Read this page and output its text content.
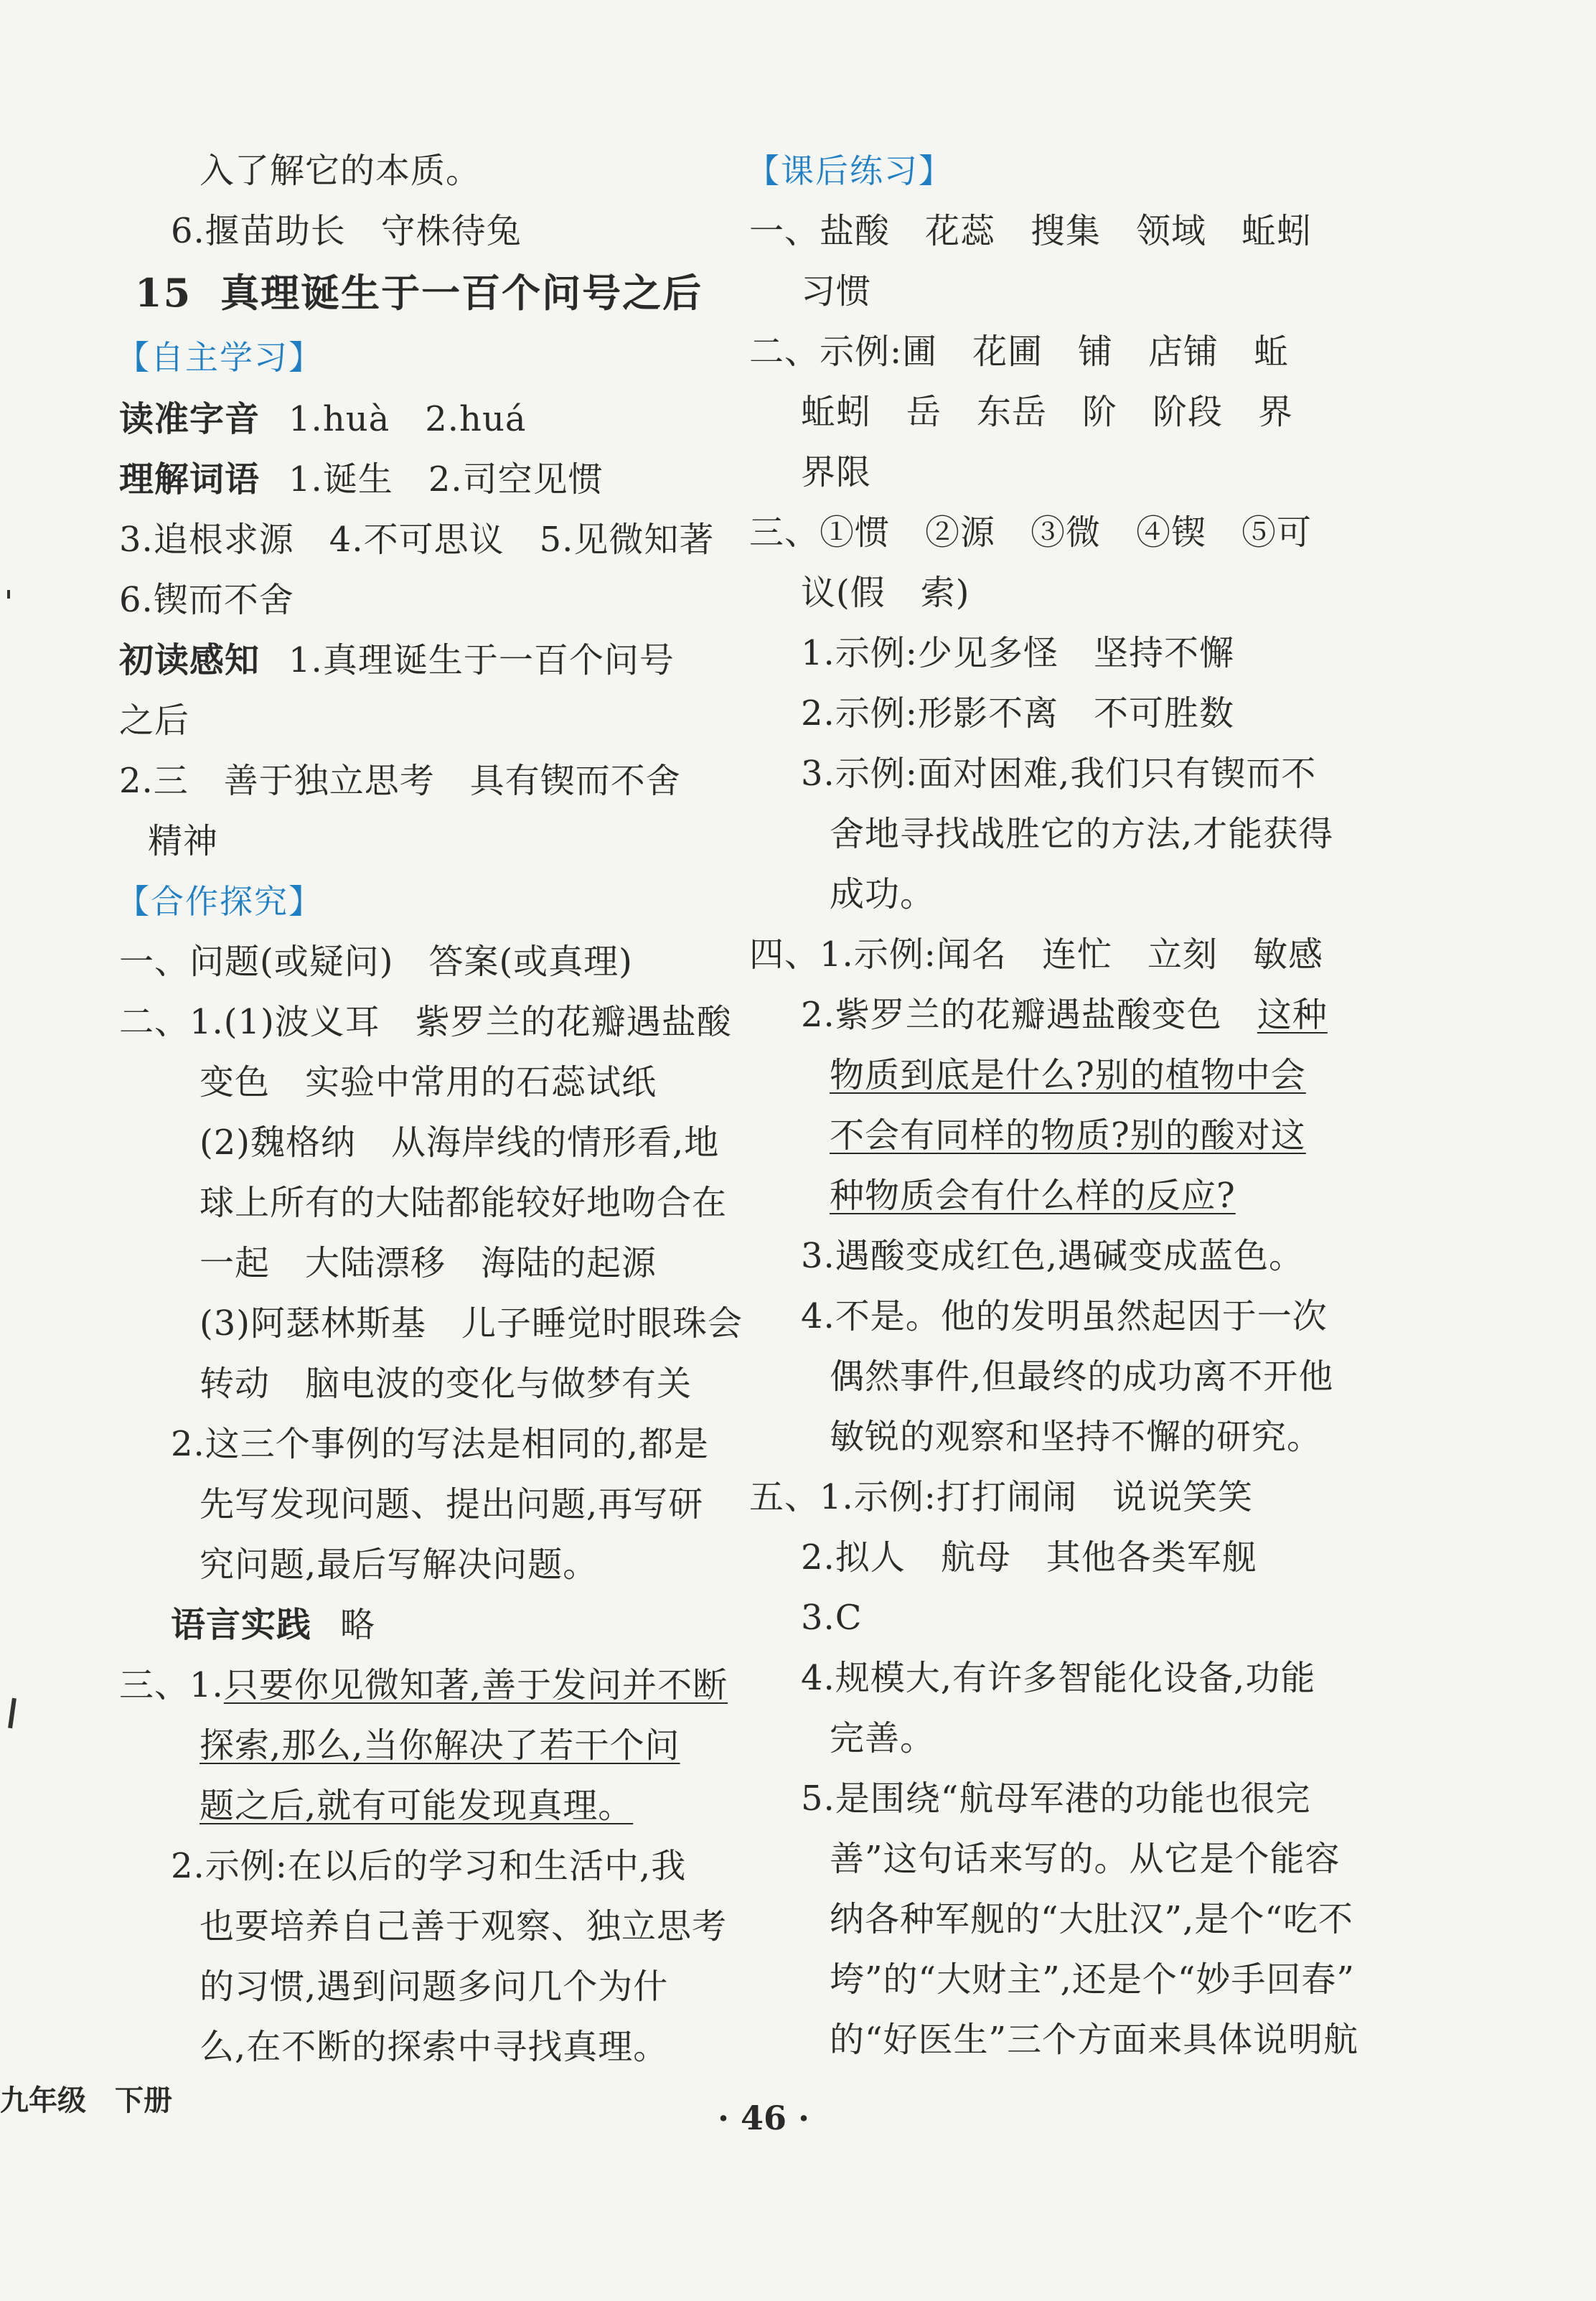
入了解它的本质。
6.揠苗助长　守株待兔
15 真理诞生于一百个问号之后
【自主学习】
读准字音 1.huà　2.huá
理解词语 1.诞生　2.司空见惯
3.追根求源　4.不可思议　5.见微知著
6.锲而不舍
初读感知 1.真理诞生于一百个问号
之后
2.三　善于独立思考　具有锲而不舍
精神
【合作探究】
一、问题(或疑问)　答案(或真理)
二、1.(1)波义耳　紫罗兰的花瓣遇盐酸
变色　实验中常用的石蕊试纸
(2)魏格纳　从海岸线的情形看,地
球上所有的大陆都能较好地吻合在
一起　大陆漂移　海陆的起源
(3)阿瑟林斯基　儿子睡觉时眼珠会
转动　脑电波的变化与做梦有关
2.这三个事例的写法是相同的,都是
先写发现问题、提出问题,再写研
究问题,最后写解决问题。
语言实践 略
三、1.只要你见微知著,善于发问并不断
探索,那么,当你解决了若干个问
题之后,就有可能发现真理。
2.示例:在以后的学习和生活中,我
也要培养自己善于观察、独立思考
的习惯,遇到问题多问几个为什
么,在不断的探索中寻找真理。
【课后练习】
一、盐酸　花蕊　搜集　领域　蚯蚓
习惯
二、示例:圃　花圃　铺　店铺　蚯
蚯蚓　岳　东岳　阶　阶段　界
界限
三、①惯　②源　③微　④锲　⑤可
议(假　索)
1.示例:少见多怪　坚持不懈
2.示例:形影不离　不可胜数
3.示例:面对困难,我们只有锲而不
舍地寻找战胜它的方法,才能获得
成功。
四、1.示例:闻名　连忙　立刻　敏感
2.紫罗兰的花瓣遇盐酸变色　这种
物质到底是什么?别的植物中会
不会有同样的物质?别的酸对这
种物质会有什么样的反应?
3.遇酸变成红色,遇碱变成蓝色。
4.不是。他的发明虽然起因于一次
偶然事件,但最终的成功离不开他
敏锐的观察和坚持不懈的研究。
五、1.示例:打打闹闹　说说笑笑
2.拟人　航母　其他各类军舰
3.C
4.规模大,有许多智能化设备,功能
完善。
5.是围绕“航母军港的功能也很完
善”这句话来写的。从它是个能容
纳各种军舰的“大肚汉”,是个“吃不
垮”的“大财主”,还是个“妙手回春”
的“好医生”三个方面来具体说明航
九年级　下册	· 46 ·
